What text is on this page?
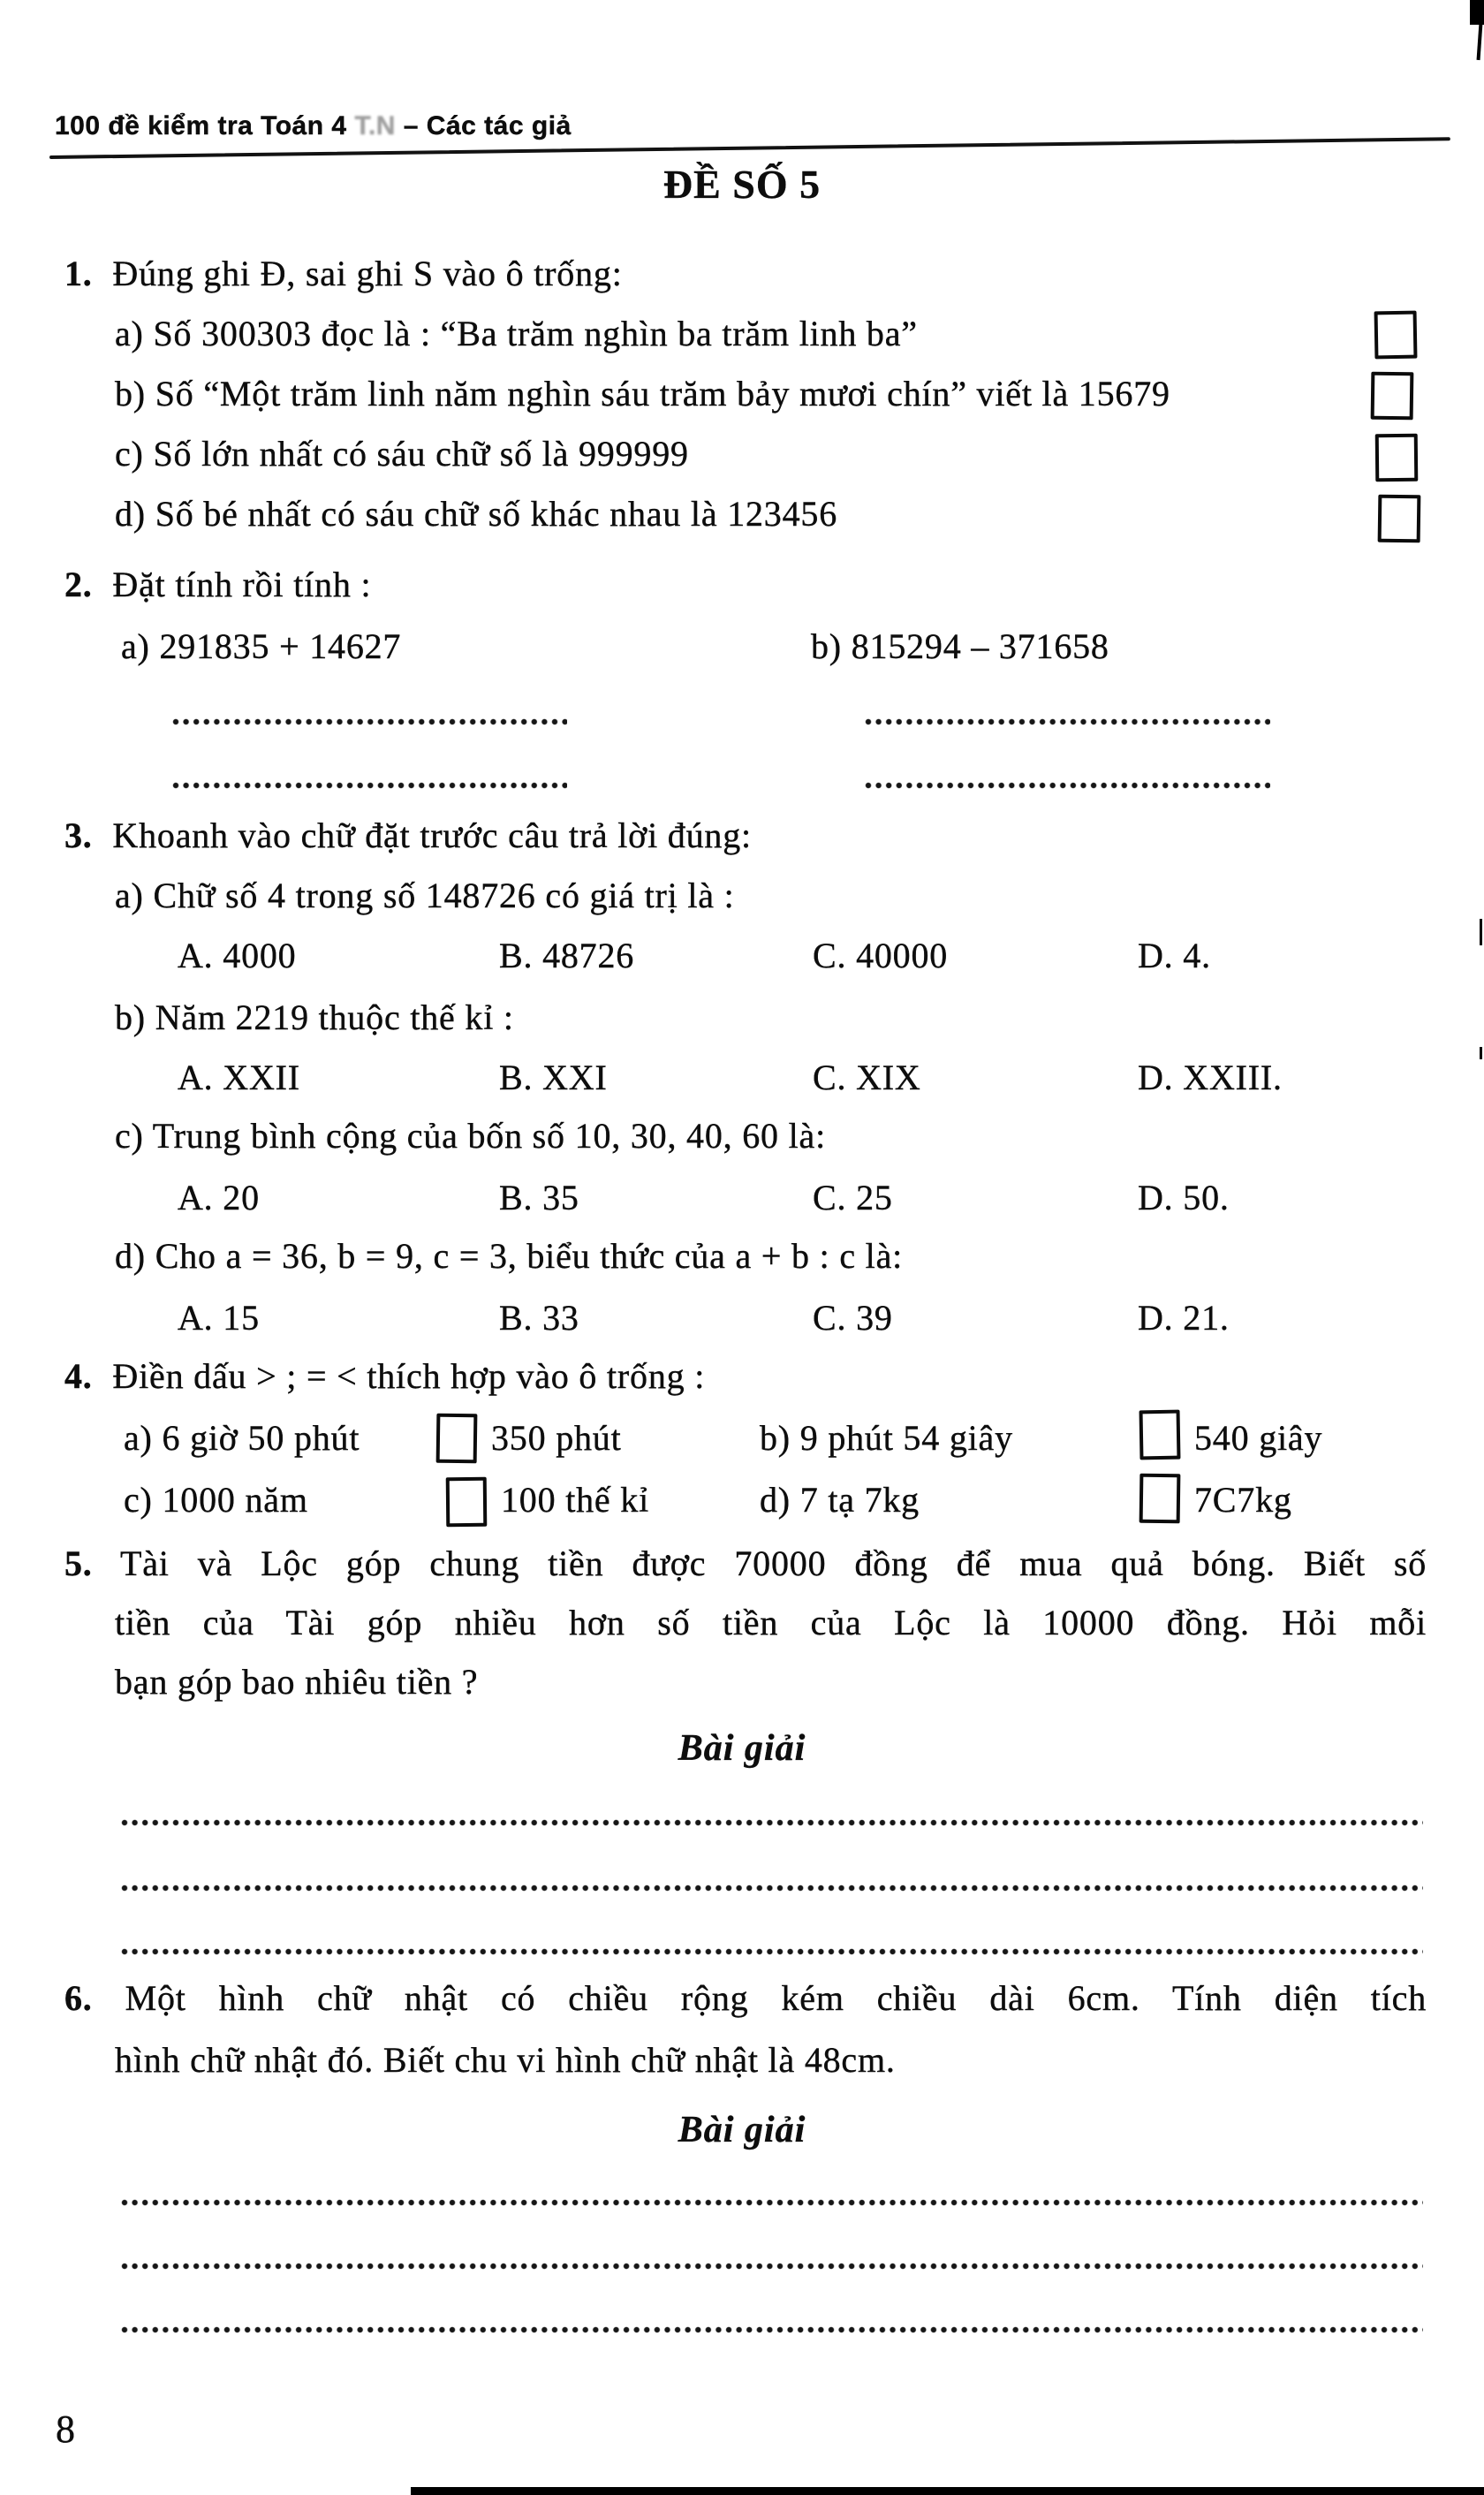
100 đề kiểm tra Toán 4 T.N – Các tác giả
ĐỀ SỐ 5
1. Đúng ghi Đ, sai ghi S vào ô trống:
a) Số 300303 đọc là : “Ba trăm nghìn ba trăm linh ba”
b) Số “Một trăm linh năm nghìn sáu trăm bảy mươi chín” viết là 15679
c) Số lớn nhất có sáu chữ số là 999999
d) Số bé nhất có sáu chữ số khác nhau là 123456
2. Đặt tính rồi tính :
a) 291835 + 14627	b) 815294 – 371658
3. Khoanh vào chữ đặt trước câu trả lời đúng:
a) Chữ số 4 trong số 148726 có giá trị là :
A. 4000	B. 48726	C. 40000	D. 4.
b) Năm 2219 thuộc thế kỉ :
A. XXII	B. XXI	C. XIX	D. XXIII.
c) Trung bình cộng của bốn số 10, 30, 40, 60 là:
A. 20	B. 35	C. 25	D. 50.
d) Cho a = 36, b = 9, c = 3, biểu thức của a + b : c là:
A. 15	B. 33	C. 39	D. 21.
4. Điền dấu > ; = < thích hợp vào ô trống :
a) 6 giờ 50 phút	350 phút	b) 9 phút 54 giây	540 giây
c) 1000 năm	100 thế kỉ	d) 7 tạ 7kg	7C7kg
5. Tài và Lộc góp chung tiền được 70000 đồng để mua quả bóng. Biết số
tiền của Tài góp nhiều hơn số tiền của Lộc là 10000 đồng. Hỏi mỗi
bạn góp bao nhiêu tiền ?
Bài giải
6. Một hình chữ nhật có chiều rộng kém chiều dài 6cm. Tính diện tích
hình chữ nhật đó. Biết chu vi hình chữ nhật là 48cm.
Bài giải
8
